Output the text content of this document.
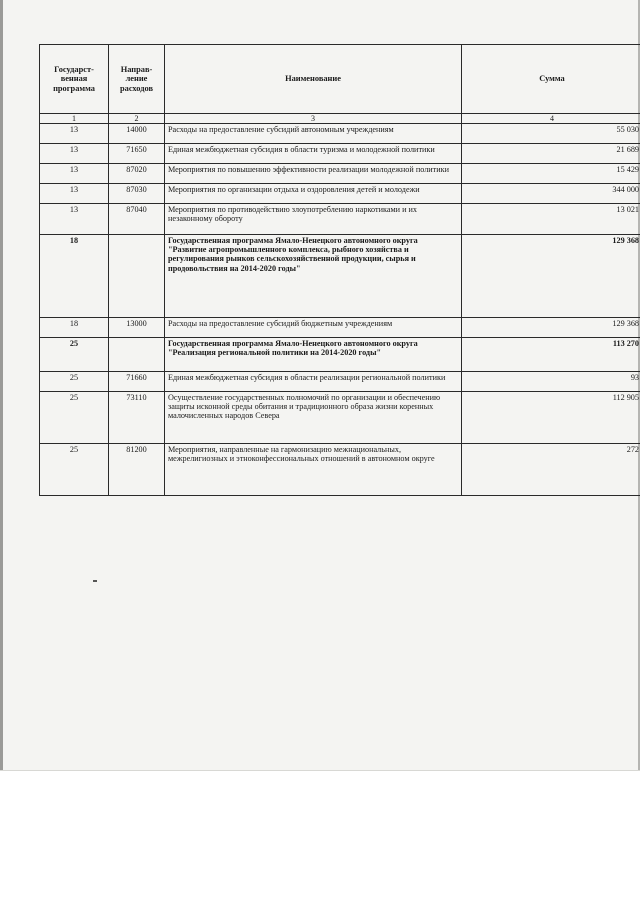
Государст-венная программа	Направ-ление расходов	Наименование	Сумма
1	2	3	4
13	14000	Расходы на предоставление субсидий автономным учреждениям	55 030
13	71650	Единая межбюджетная субсидия в области туризма и молодежной политики	21 689
13	87020	Мероприятия по повышению эффективности реализации молодежной политики	15 429
13	87030	Мероприятия по организации отдыха и оздоровления детей и молодежи	344 000
13	87040	Мероприятия по противодействию злоупотреблению наркотиками и их незаконному обороту	13 021
18		Государственная программа Ямало-Ненецкого автономного округа "Развитие агропромышленного комплекса, рыбного хозяйства и регулирования рынков сельскохозяйственной продукции, сырья и продовольствия на 2014-2020 годы"	129 368
18	13000	Расходы на предоставление субсидий бюджетным учреждениям	129 368
25		Государственная программа Ямало-Ненецкого автономного округа "Реализация региональной политики на 2014-2020 годы"	113 270
25	71660	Единая межбюджетная субсидия в области реализации региональной политики	93
25	73110	Осуществление государственных полномочий по организации и обеспечению защиты исконной среды обитания и традиционного образа жизни коренных малочисленных народов Севера	112 905
25	81200	Мероприятия, направленные на гармонизацию межнациональных, межрелигиозных и этноконфессиональных отношений в автономном округе	272
